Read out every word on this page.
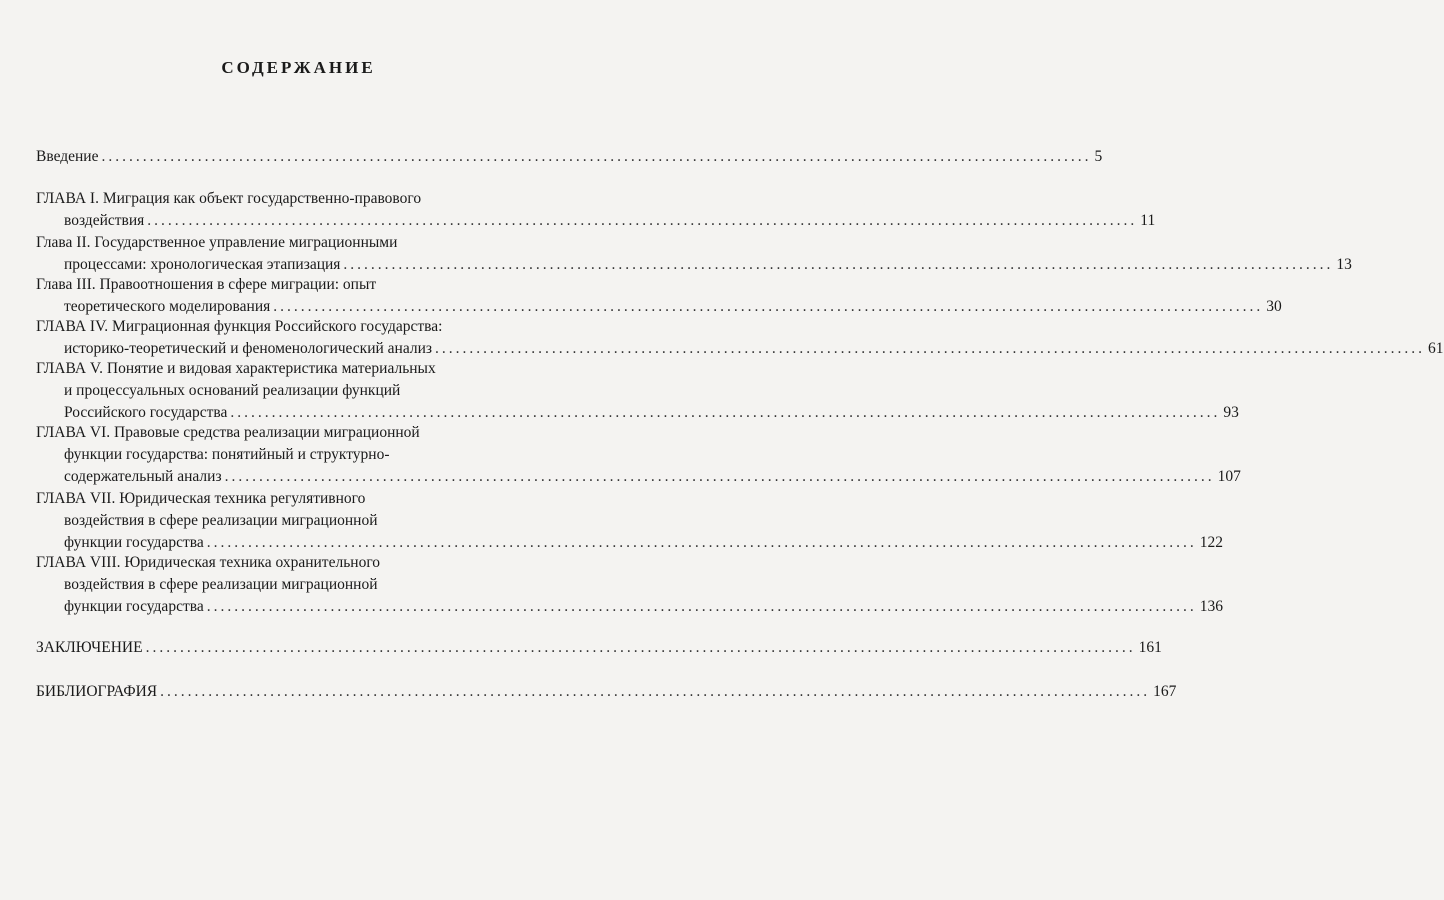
СОДЕРЖАНИЕ
Введение ................................................................................................................................................ 5
ГЛАВА I. Миграция как объект государственно-правового
воздействия ................................................................................................................................................ 11
Глава II. Государственное управление миграционными
процессами: хронологическая этапизация ................................................................................................................................................ 13
Глава III. Правоотношения в сфере миграции: опыт
теоретического моделирования ................................................................................................................................................ 30
ГЛАВА IV. Миграционная функция Российского государства:
историко-теоретический и феноменологический анализ ................................................................................................................................................ 61
ГЛАВА V. Понятие и видовая характеристика материальных
и процессуальных оснований реализации функций
Российского государства ................................................................................................................................................ 93
ГЛАВА VI. Правовые средства реализации миграционной
функции государства: понятийный и структурно-
содержательный анализ ................................................................................................................................................ 107
ГЛАВА VII. Юридическая техника регулятивного
воздействия в сфере реализации миграционной
функции государства ................................................................................................................................................ 122
ГЛАВА VIII. Юридическая техника охранительного
воздействия в сфере реализации миграционной
функции государства ................................................................................................................................................ 136
ЗАКЛЮЧЕНИЕ ................................................................................................................................................ 161
БИБЛИОГРАФИЯ ................................................................................................................................................ 167
